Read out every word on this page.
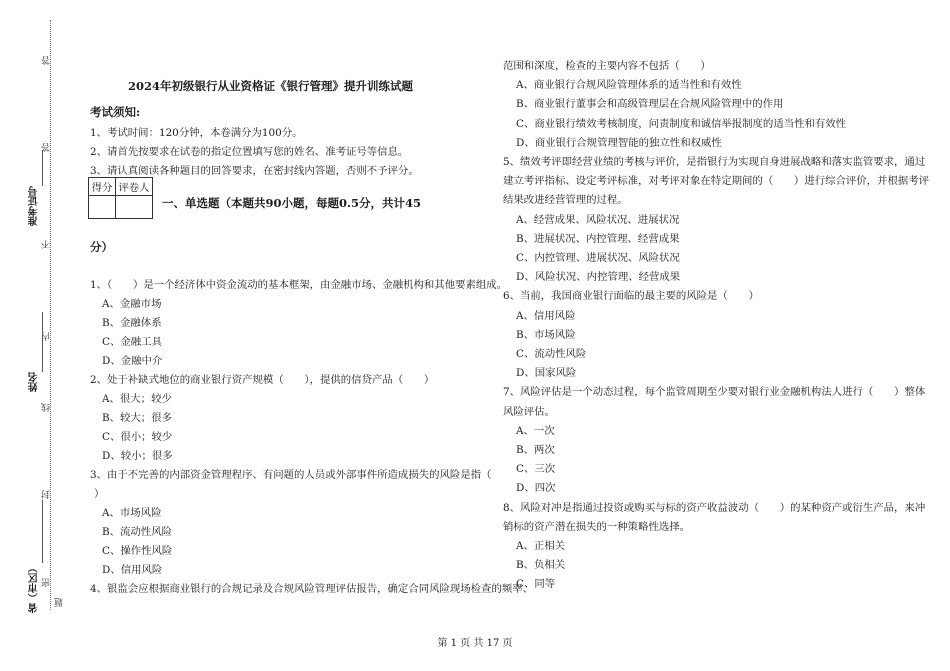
答
答
不
内
线
封
密
题
准考证号
姓名
省（市区）
2024年初级银行从业资格证《银行管理》提升训练试题
考试须知:
1、考试时间：120分钟，本卷满分为100分。
2、请首先按要求在试卷的指定位置填写您的姓名、准考证号等信息。
3、请认真阅读各种题目的回答要求，在密封线内答题，否则不予评分。
得分	评卷人

一、单选题（本题共90小题，每题0.5分，共计45
分）
1、（　　）是一个经济体中资金流动的基本框架，由金融市场、金融机构和其他要素组成。
A、金融市场
B、金融体系
C、金融工具
D、金融中介
2、处于补缺式地位的商业银行资产规模（　　），提供的信贷产品（　　）
A、很大；较少
B、较大；很多
C、很小；较少
D、较小；很多
3、由于不完善的内部资金管理程序、有问题的人员或外部事件所造成损失的风险是指（
）
A、市场风险
B、流动性风险
C、操作性风险
D、信用风险
4、银监会应根据商业银行的合规记录及合规风险管理评估报告，确定合同风险现场检查的频率、
范围和深度，检查的主要内容不包括（　　）
A、商业银行合规风险管理体系的适当性和有效性
B、商业银行董事会和高级管理层在合规风险管理中的作用
C、商业银行绩效考核制度，问责制度和诚信举报制度的适当性和有效性
D、商业银行合规管理智能的独立性和权威性
5、绩效考评即经营业绩的考核与评价，是指银行为实现自身进展战略和落实监管要求，通过
建立考评指标、设定考评标准，对考评对象在特定期间的（　　）进行综合评价，并根据考评
结果改进经营管理的过程。
A、经营成果、风险状况、进展状况
B、进展状况、内控管理、经营成果
C、内控管理、进展状况、风险状况
D、风险状况、内控管理、经营成果
6、当前，我国商业银行面临的最主要的风险是（　　）
A、信用风险
B、市场风险
C、流动性风险
D、国家风险
7、风险评估是一个动态过程，每个监管周期至少要对银行业金融机构法人进行（　　）整体
风险评估。
A、一次
B、两次
C、三次
D、四次
8、风险对冲是指通过投资或购买与标的资产收益波动（　　）的某种资产或衍生产品，来冲
销标的资产潜在损失的一种策略性选择。
A、正相关
B、负相关
C、同等
第 1 页 共 17 页
